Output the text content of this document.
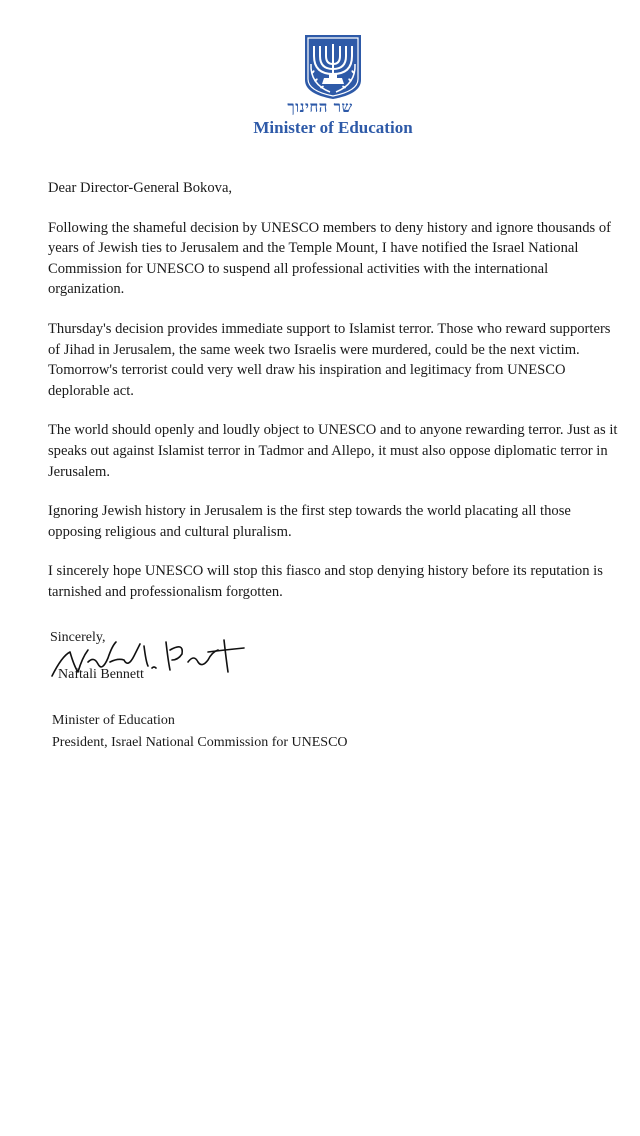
שר החינוך
Minister of Education

Dear Director-General Bokova,

Following the shameful decision by UNESCO members to deny history and ignore thousands of years of Jewish ties to Jerusalem and the Temple Mount, I have notified the Israel National Commission for UNESCO to suspend all professional activities with the international organization.

Thursday's decision provides immediate support to Islamist terror. Those who reward supporters of Jihad in Jerusalem, the same week two Israelis were murdered, could be the next victim. Tomorrow's terrorist could very well draw his inspiration and legitimacy from UNESCO deplorable act.

The world should openly and loudly object to UNESCO and to anyone rewarding terror. Just as it speaks out against Islamist terror in Tadmor and Allepo, it must also oppose diplomatic terror in Jerusalem.

Ignoring Jewish history in Jerusalem is the first step towards the world placating all those opposing religious and cultural pluralism.

I sincerely hope UNESCO will stop this fiasco and stop denying history before its reputation is tarnished and professionalism forgotten.

Sincerely,
Naftali Bennett
Minister of Education
President, Israel National Commission for UNESCO
